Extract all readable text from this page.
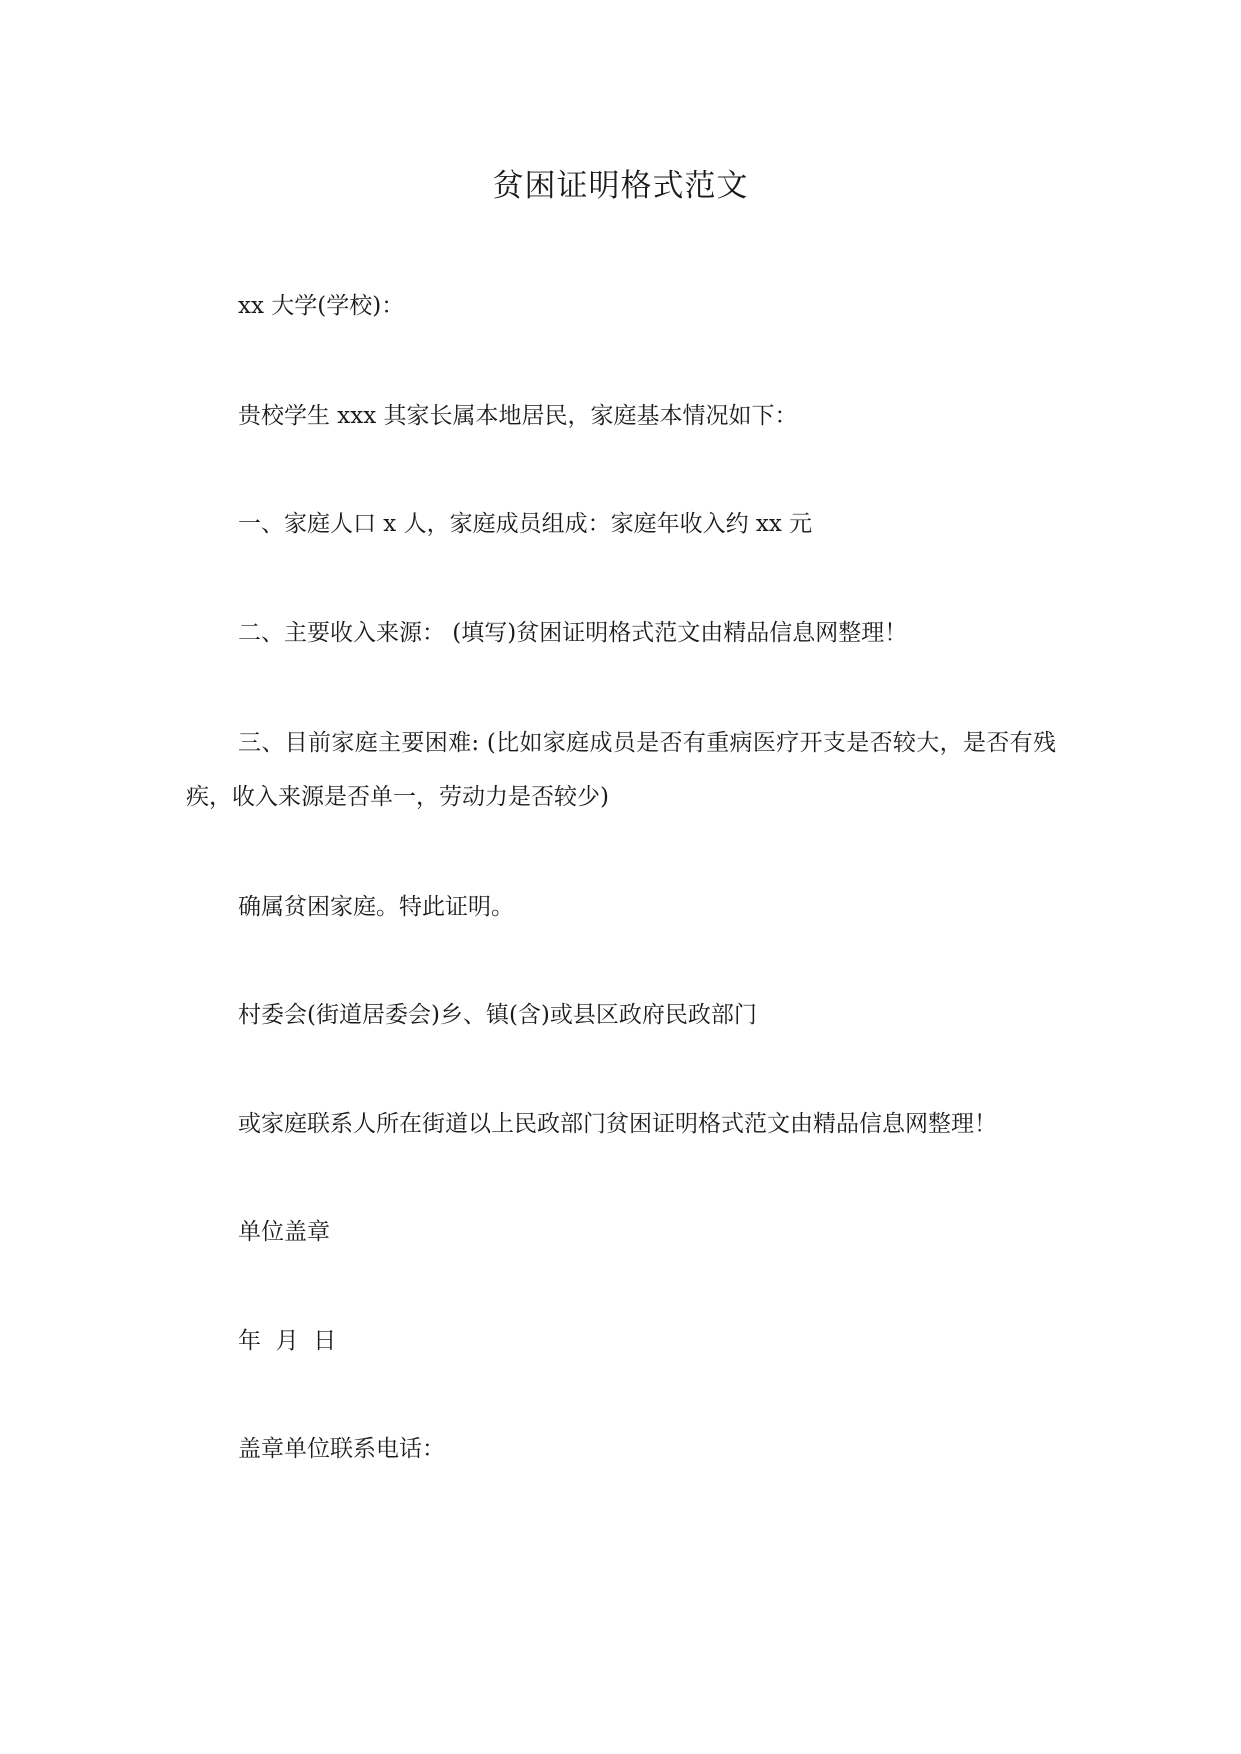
贫困证明格式范文

xx 大学(学校)：

贵校学生 xxx 其家长属本地居民，家庭基本情况如下：

一、家庭人口 x 人，家庭成员组成：家庭年收入约 xx 元

二、主要收入来源： (填写)贫困证明格式范文由精品信息网整理！

三、目前家庭主要困难: (比如家庭成员是否有重病医疗开支是否较大，是否有残疾，收入来源是否单一，劳动力是否较少)

确属贫困家庭。特此证明。

村委会(街道居委会)乡、镇(含)或县区政府民政部门

或家庭联系人所在街道以上民政部门贫困证明格式范文由精品信息网整理！

单位盖章

年  月  日

盖章单位联系电话：
